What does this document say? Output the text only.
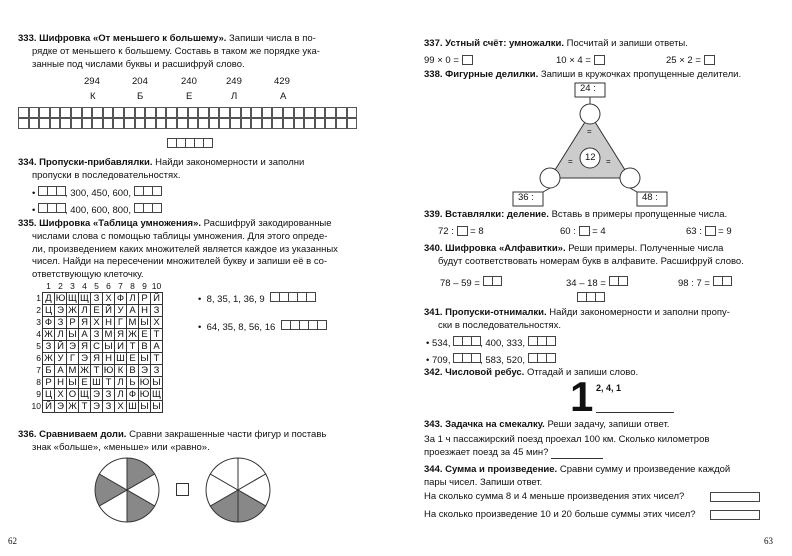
333. Шифровка «От меньшего к большему». Запиши числа в по-
рядке от меньшего к большему. Составь в таком же порядке ука-
занные под числами буквы и расшифруй слово.
294	204	240	249	429
К	Б	Е	Л	А
334. Пропуски-прибавлялки. Найди закономерности и заполни
пропуски в последовательностях.
•	, 300, 450, 600,
•	, 400, 600, 800,
335. Шифровка «Таблица умножения». Расшифруй закодированные
числами слова с помощью таблицы умножения. Для этого опреде-
ли, произведением каких множителей является каждое из указанных
чисел. Найди на пересечении множителей букву и запиши её в со-
ответствующую клеточку.
	1	2	3	4	5	6	7	8	9	10
1	Д	Ю	Щ	Щ	З	Х	Ф	Л	Р	Й
2	Ц	Э	Ж	Л	Е	Й	У	А	Н	З
3	Ф	З	Р	Я	Х	Н	Г	М	Ы	Х
4	Ж	Л	Ы	А	З	М	Я	Ж	Е	Т
5	З	Й	Э	Я	С	Ы	И	Т	В	А
6	Ж	У	Г	Э	Я	Н	Ш	Е	Ы	Т
7	Б	А	М	Ж	Т	Ю	К	В	Э	З
8	Р	Н	Ы	Е	Ш	Т	Л	Ь	Ю	Ы
9	Ц	Х	О	Щ	Э	З	Л	Ф	Ю	Щ
10	Й	Э	Ж	Т	Э	З	Х	Ш	Ы	Ы
•  8, 35, 1, 36, 9
•  64, 35, 8, 56, 16
336. Сравниваем доли. Сравни закрашенные части фигур и поставь
знак «больше», «меньше» или «равно».
62
337. Устный счёт: умножалки. Посчитай и запиши ответы.
99 × 0 =	10 × 4 =	25 × 2 =
338. Фигурные делилки. Запиши в кружочках пропущенные делители.
24 :
36 :	48 :
12
=
=	=
339. Вставлялки: деление. Вставь в примеры пропущенные числа.
72 : = 8	60 : = 4	63 : = 9
340. Шифровка «Алфавитки». Реши примеры. Полученные числа
будут соответствовать номерам букв в алфавите. Расшифруй слово.
78 – 59 =	34 – 18 =	98 : 7 =
341. Пропуски-отнималки. Найди закономерности и заполни пропу-
ски в последовательностях.
• 534,	, 400, 333,
• 709,	, 583, 520,
342. Числовой ребус. Отгадай и запиши слово.
1 2, 4, 1
343. Задачка на смекалку. Реши задачу, запиши ответ.
За 1 ч пассажирский поезд проехал 100 км. Сколько километров
проезжает поезд за 45 мин?
344. Сумма и произведение. Сравни сумму и произведение каждой
пары чисел. Запиши ответ.
На сколько сумма 8 и 4 меньше произведения этих чисел?
На сколько произведение 10 и 20 больше суммы этих чисел?
63
